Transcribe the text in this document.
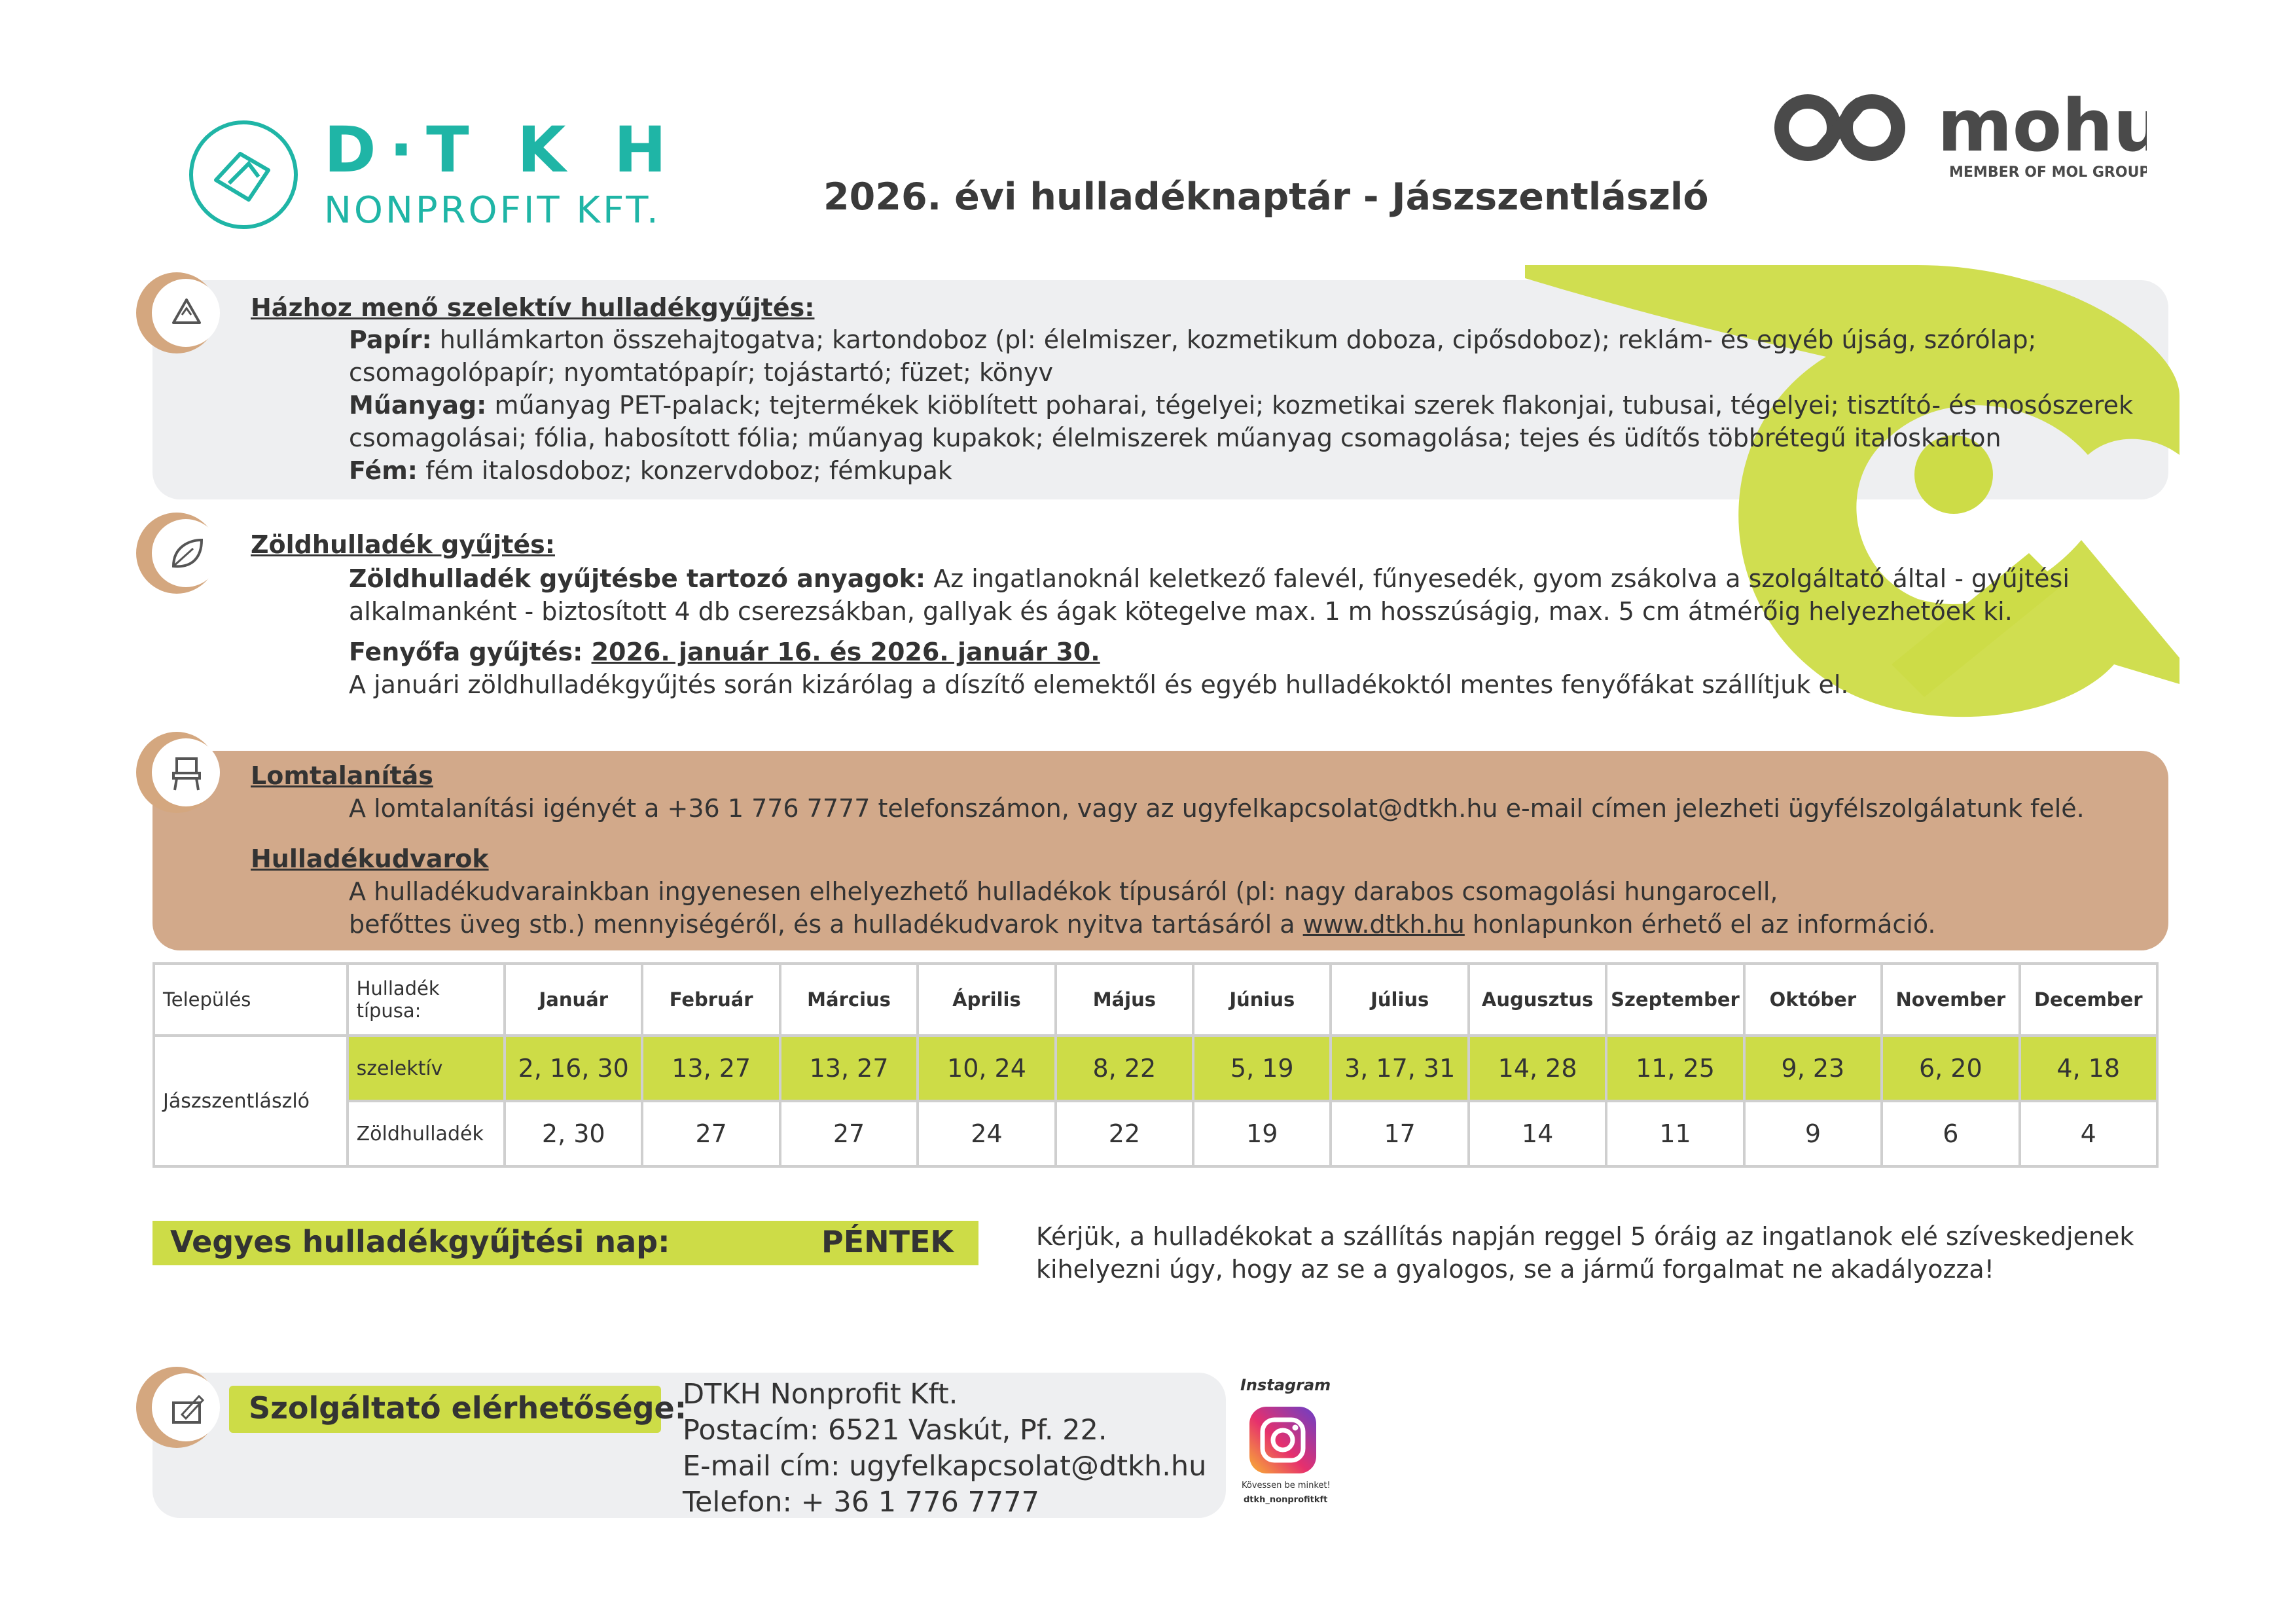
D·T K H
NONPROFIT KFT.	2026. évi hulladéknaptár - Jászszentlászló
mohu
MEMBER OF MOL GROUP
Házhoz menő szelektív hulladékgyűjtés:
Papír: hullámkarton összehajtogatva; kartondoboz (pl: élelmiszer, kozmetikum doboza, cipősdoboz); reklám- és egyéb újság, szórólap;
csomagolópapír; nyomtatópapír; tojástartó; füzet; könyv
Műanyag: műanyag PET-palack; tejtermékek kiöblített poharai, tégelyei; kozmetikai szerek flakonjai, tubusai, tégelyei; tisztító- és mosószerek
csomagolásai; fólia, habosított fólia; műanyag kupakok; élelmiszerek műanyag csomagolása; tejes és üdítős többrétegű italoskarton
Fém: fém italosdoboz; konzervdoboz; fémkupak
Zöldhulladék gyűjtés:
Zöldhulladék gyűjtésbe tartozó anyagok: Az ingatlanoknál keletkező falevél, fűnyesedék, gyom zsákolva a szolgáltató által - gyűjtési
alkalmanként - biztosított 4 db cserezsákban, gallyak és ágak kötegelve max. 1 m hosszúságig, max. 5 cm átmérőig helyezhetőek ki.
Fenyőfa gyűjtés: 2026. január 16. és 2026. január 30.
A januári zöldhulladékgyűjtés során kizárólag a díszítő elemektől és egyéb hulladékoktól mentes fenyőfákat szállítjuk el.
Lomtalanítás
A lomtalanítási igényét a +36 1 776 7777 telefonszámon, vagy az ugyfelkapcsolat@dtkh.hu e-mail címen jelezheti ügyfélszolgálatunk felé.
Hulladékudvarok
A hulladékudvarainkban ingyenesen elhelyezhető hulladékok típusáról (pl: nagy darabos csomagolási hungarocell,
befőttes üveg stb.) mennyiségéről, és a hulladékudvarok nyitva tartásáról a www.dtkh.hu honlapunkon érhető el az információ.
Település	Hulladék típusa:	Január	Február	Március	Április	Május	Június	Július	Augusztus	Szeptember	Október	November	December
Jászszentlászló	szelektív	2, 16, 30	13, 27	13, 27	10, 24	8, 22	5, 19	3, 17, 31	14, 28	11, 25	9, 23	6, 20	4, 18
	Zöldhulladék	2, 30	27	27	24	22	19	17	14	11	9	6	4
Vegyes hulladékgyűjtési nap:	PÉNTEK	Kérjük, a hulladékokat a szállítás napján reggel 5 óráig az ingatlanok elé szíveskedjenek
kihelyezni úgy, hogy az se a gyalogos, se a jármű forgalmat ne akadályozza!
Szolgáltató elérhetősége:
DTKH Nonprofit Kft.
Postacím: 6521 Vaskút, Pf. 22.
E-mail cím: ugyfelkapcsolat@dtkh.hu
Telefon: + 36 1 776 7777
Instagram
Kövessen be minket!
dtkh_nonprofitkft
